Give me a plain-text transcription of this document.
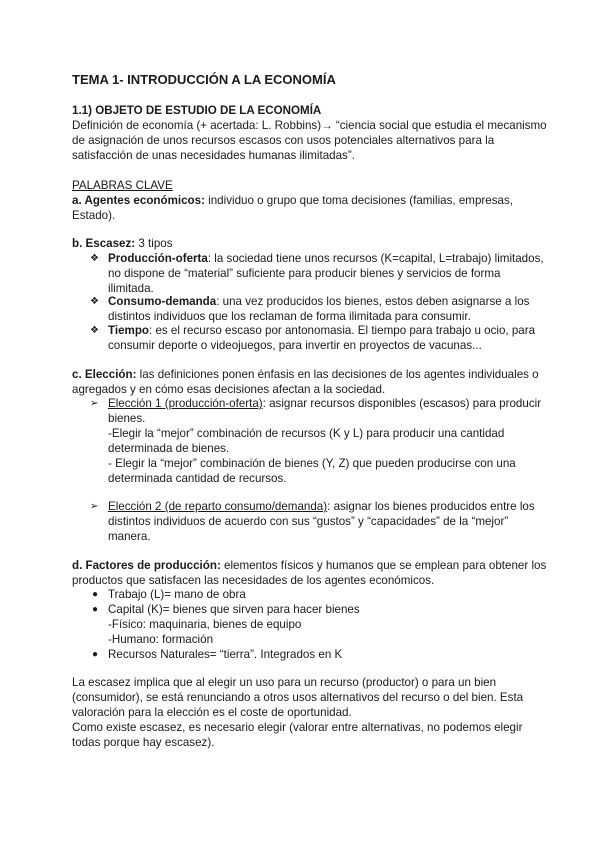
TEMA 1- INTRODUCCIÓN A LA ECONOMÍA
1.1) OBJETO DE ESTUDIO DE LA ECONOMÍA
Definición de economía (+ acertada: L. Robbins)→ “ciencia social que estudia el mecanismo
de asignación de unos recursos escasos con usos potenciales alternativos para la
satisfacción de unas necesidades humanas ilimitadas”.
PALABRAS CLAVE
a. Agentes económicos: individuo o grupo que toma decisiones (familias, empresas,
Estado).
b. Escasez: 3 tipos
❖ Producción-oferta: la sociedad tiene unos recursos (K=capital, L=trabajo) limitados,
no dispone de “material” suficiente para producir bienes y servicios de forma
ilimitada.
❖ Consumo-demanda: una vez producidos los bienes, estos deben asignarse a los
distintos individuos que los reclaman de forma ilimitada para consumir.
❖ Tiempo: es el recurso escaso por antonomasia. El tiempo para trabajo u ocio, para
consumir deporte o videojuegos, para invertir en proyectos de vacunas...
c. Elección: las definiciones ponen énfasis en las decisiones de los agentes individuales o
agregados y en cómo esas decisiones afectan a la sociedad.
➢ Elección 1 (producción-oferta): asignar recursos disponibles (escasos) para producir
bienes.
-Elegir la “mejor” combinación de recursos (K y L) para producir una cantidad
determinada de bienes.
- Elegir la “mejor” combinación de bienes (Y, Z) que pueden producirse con una
determinada cantidad de recursos.
➢ Elección 2 (de reparto consumo/demanda): asignar los bienes producidos entre los
distintos individuos de acuerdo con sus “gustos” y “capacidades” de la “mejor”
manera.
d. Factores de producción: elementos físicos y humanos que se emplean para obtener los
productos que satisfacen las necesidades de los agentes económicos.
● Trabajo (L)= mano de obra
● Capital (K)= bienes que sirven para hacer bienes
-Físico: maquinaria, bienes de equipo
-Humano: formación
● Recursos Naturales= “tierra”. Integrados en K
La escasez implica que al elegir un uso para un recurso (productor) o para un bien
(consumidor), se está renunciando a otros usos alternativos del recurso o del bien. Esta
valoración para la elección es el coste de oportunidad.
Como existe escasez, es necesario elegir (valorar entre alternativas, no podemos elegir
todas porque hay escasez).
